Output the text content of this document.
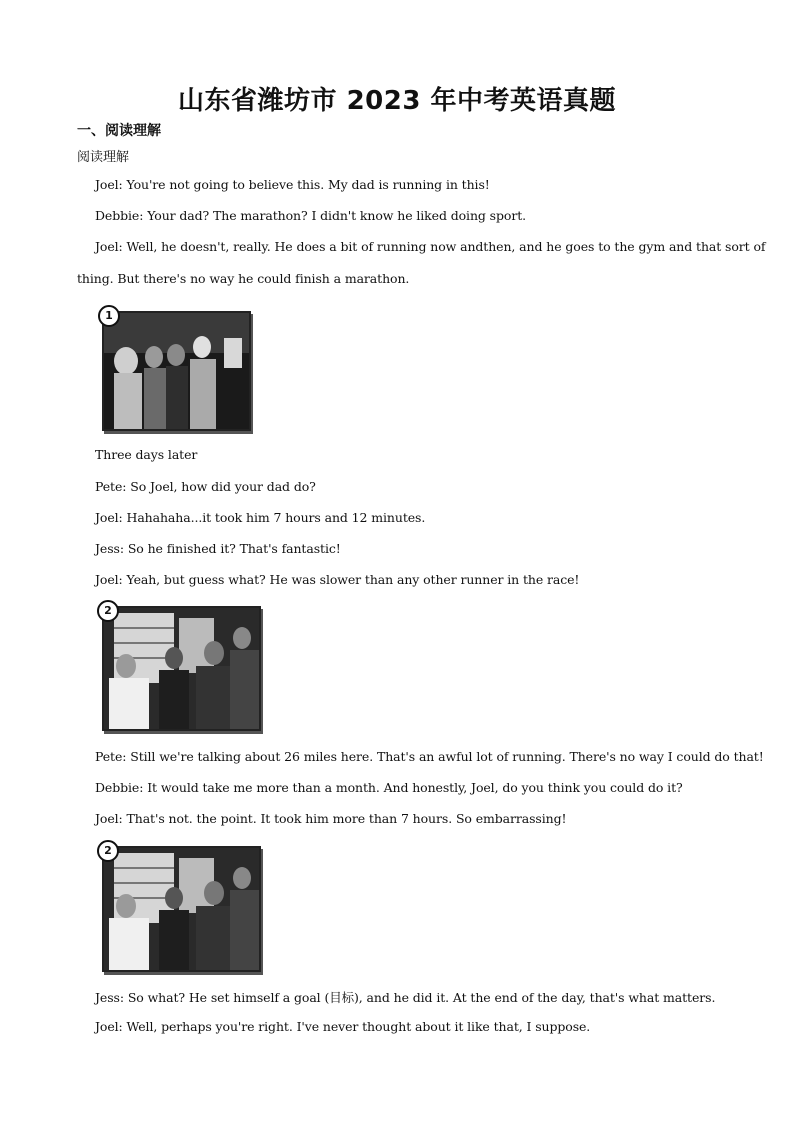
山东省潍坊市 2023 年中考英语真题
一、阅读理解
阅读理解
Joel: You're not going to believe this. My dad is running in this!
Debbie: Your dad? The marathon? I didn't know he liked doing sport.
Joel: Well, he doesn't, really. He does a bit of running now andthen, and he goes to the gym and that sort of
thing. But there's no way he could finish a marathon.
1
Three days later
Pete: So Joel, how did your dad do?
Joel: Hahahaha...it took him 7 hours and 12 minutes.
Jess: So he finished it? That's fantastic!
Joel: Yeah, but guess what? He was slower than any other runner in the race!
2
Pete: Still we're talking about 26 miles here. That's an awful lot of running. There's no way I could do that!
Debbie: It would take me more than a month. And honestly, Joel, do you think you could do it?
Joel: That's not. the point. It took him more than 7 hours. So embarrassing!
2
Jess: So what? He set himself a goal (目标), and he did it. At the end of the day, that's what matters.
Joel: Well, perhaps you're right. I've never thought about it like that, I suppose.
